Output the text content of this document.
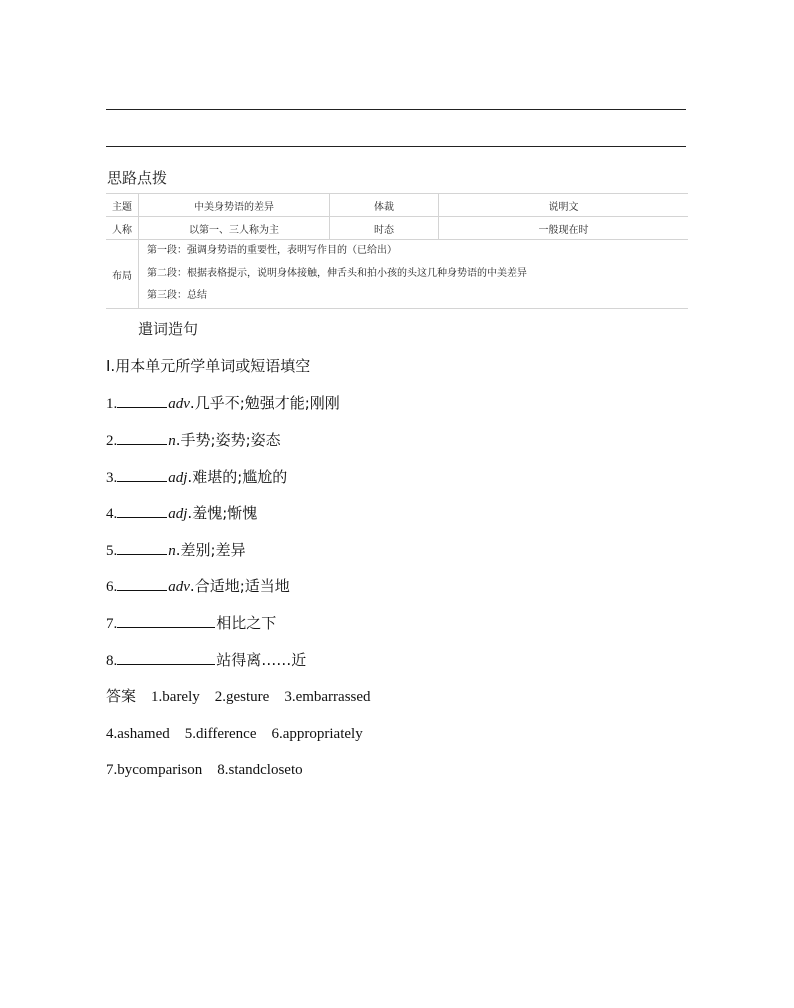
思路点拨
主题	中美身势语的差异	体裁	说明文
人称	以第一、三人称为主	时态	一般现在时
布局	第一段：强调身势语的重要性，表明写作目的（已给出）
第二段：根据表格提示，说明身体接触，伸舌头和拍小孩的头这几种身势语的中美差异
第三段：总结		
遣词造句
Ⅰ.用本单元所学单词或短语填空
1.	adv.几乎不;勉强才能;刚刚
2.	n.手势;姿势;姿态
3.	adj.难堪的;尴尬的
4.	adj.羞愧;惭愧
5.	n.差别;差异
6.	adv.合适地;适当地
7.	相比之下
8.	站得离……近
答案　 1.barely　2.gesture　3.embarrassed
4.ashamed　5.difference　6.appropriately
7.bycomparison　8.standcloseto
